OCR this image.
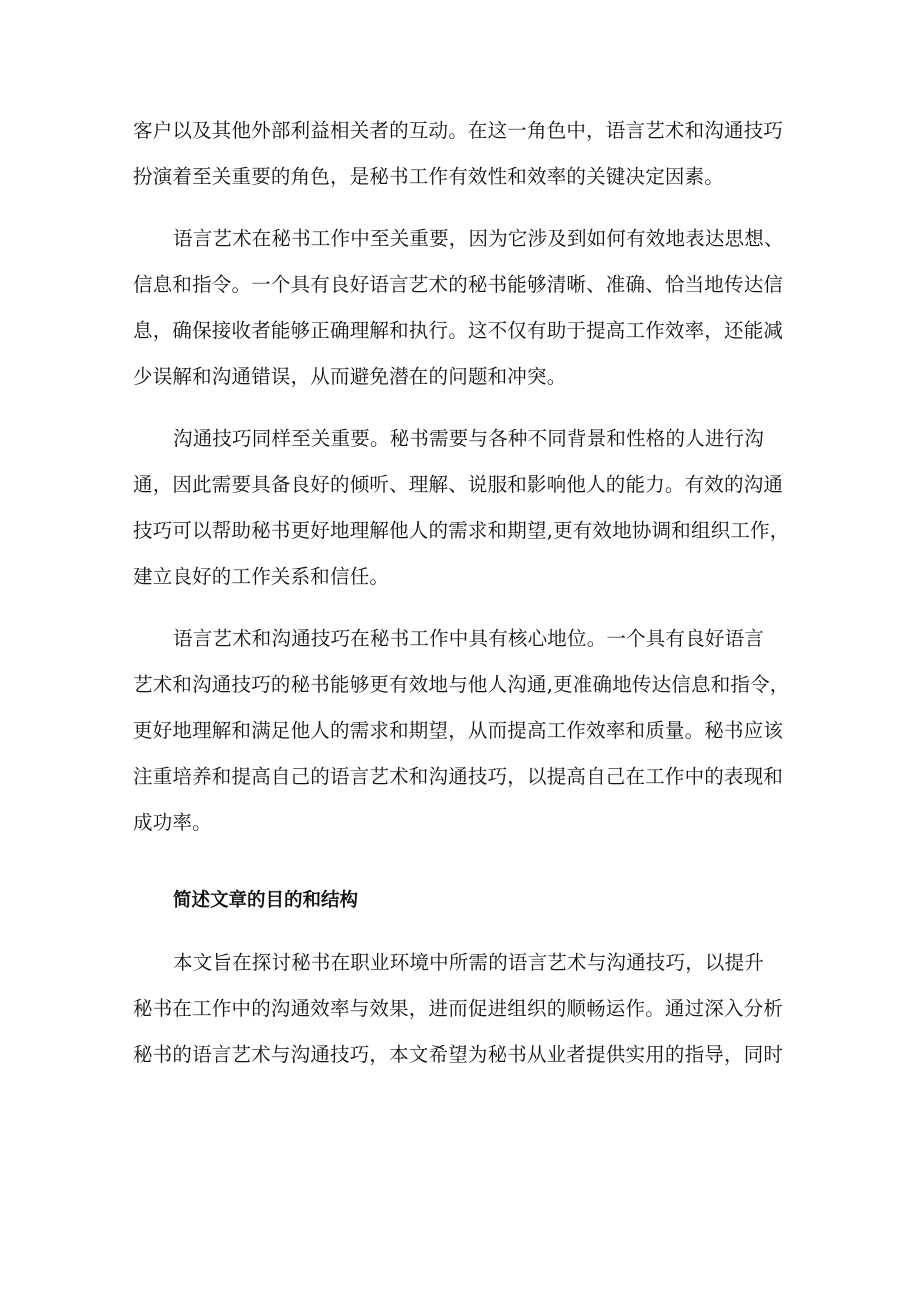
客户以及其他外部利益相关者的互动。在这一角色中，语言艺术和沟通技巧
扮演着至关重要的角色，是秘书工作有效性和效率的关键决定因素。
语言艺术在秘书工作中至关重要，因为它涉及到如何有效地表达思想、
信息和指令。一个具有良好语言艺术的秘书能够清晰、准确、恰当地传达信
息，确保接收者能够正确理解和执行。这不仅有助于提高工作效率，还能减
少误解和沟通错误，从而避免潜在的问题和冲突。
沟通技巧同样至关重要。秘书需要与各种不同背景和性格的人进行沟
通，因此需要具备良好的倾听、理解、说服和影响他人的能力。有效的沟通
技巧可以帮助秘书更好地理解他人的需求和期望,更有效地协调和组织工作，
建立良好的工作关系和信任。
语言艺术和沟通技巧在秘书工作中具有核心地位。一个具有良好语言
艺术和沟通技巧的秘书能够更有效地与他人沟通,更准确地传达信息和指令，
更好地理解和满足他人的需求和期望，从而提高工作效率和质量。秘书应该
注重培养和提高自己的语言艺术和沟通技巧，以提高自己在工作中的表现和
成功率。
简述文章的目的和结构
本文旨在探讨秘书在职业环境中所需的语言艺术与沟通技巧，以提升
秘书在工作中的沟通效率与效果，进而促进组织的顺畅运作。通过深入分析
秘书的语言艺术与沟通技巧，本文希望为秘书从业者提供实用的指导，同时
